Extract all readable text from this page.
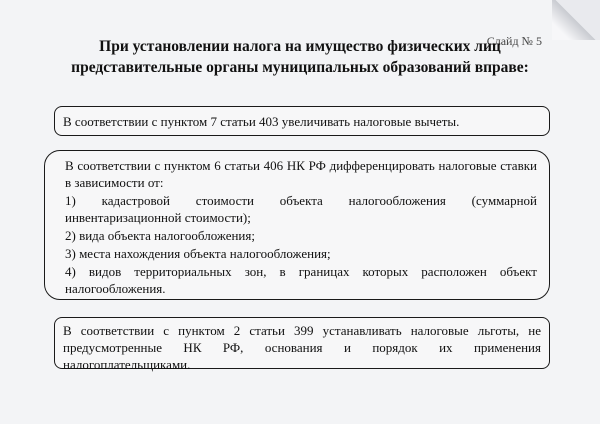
Слайд № 5
При установлении налога на имущество физических лиц представительные органы муниципальных образований вправе:
В соответствии с пунктом 7 статьи 403 увеличивать налоговые вычеты.
В соответствии с пунктом 6 статьи 406 НК РФ дифференцировать налоговые ставки в зависимости от:
1) кадастровой стоимости объекта налогообложения (суммарной инвентаризационной стоимости);
2) вида объекта налогообложения;
3) места нахождения объекта налогообложения;
4) видов территориальных зон, в границах которых расположен объект налогообложения.
В соответствии с пунктом 2 статьи 399 устанавливать налоговые льготы, не предусмотренные НК РФ, основания и порядок их применения налогоплательщиками.
